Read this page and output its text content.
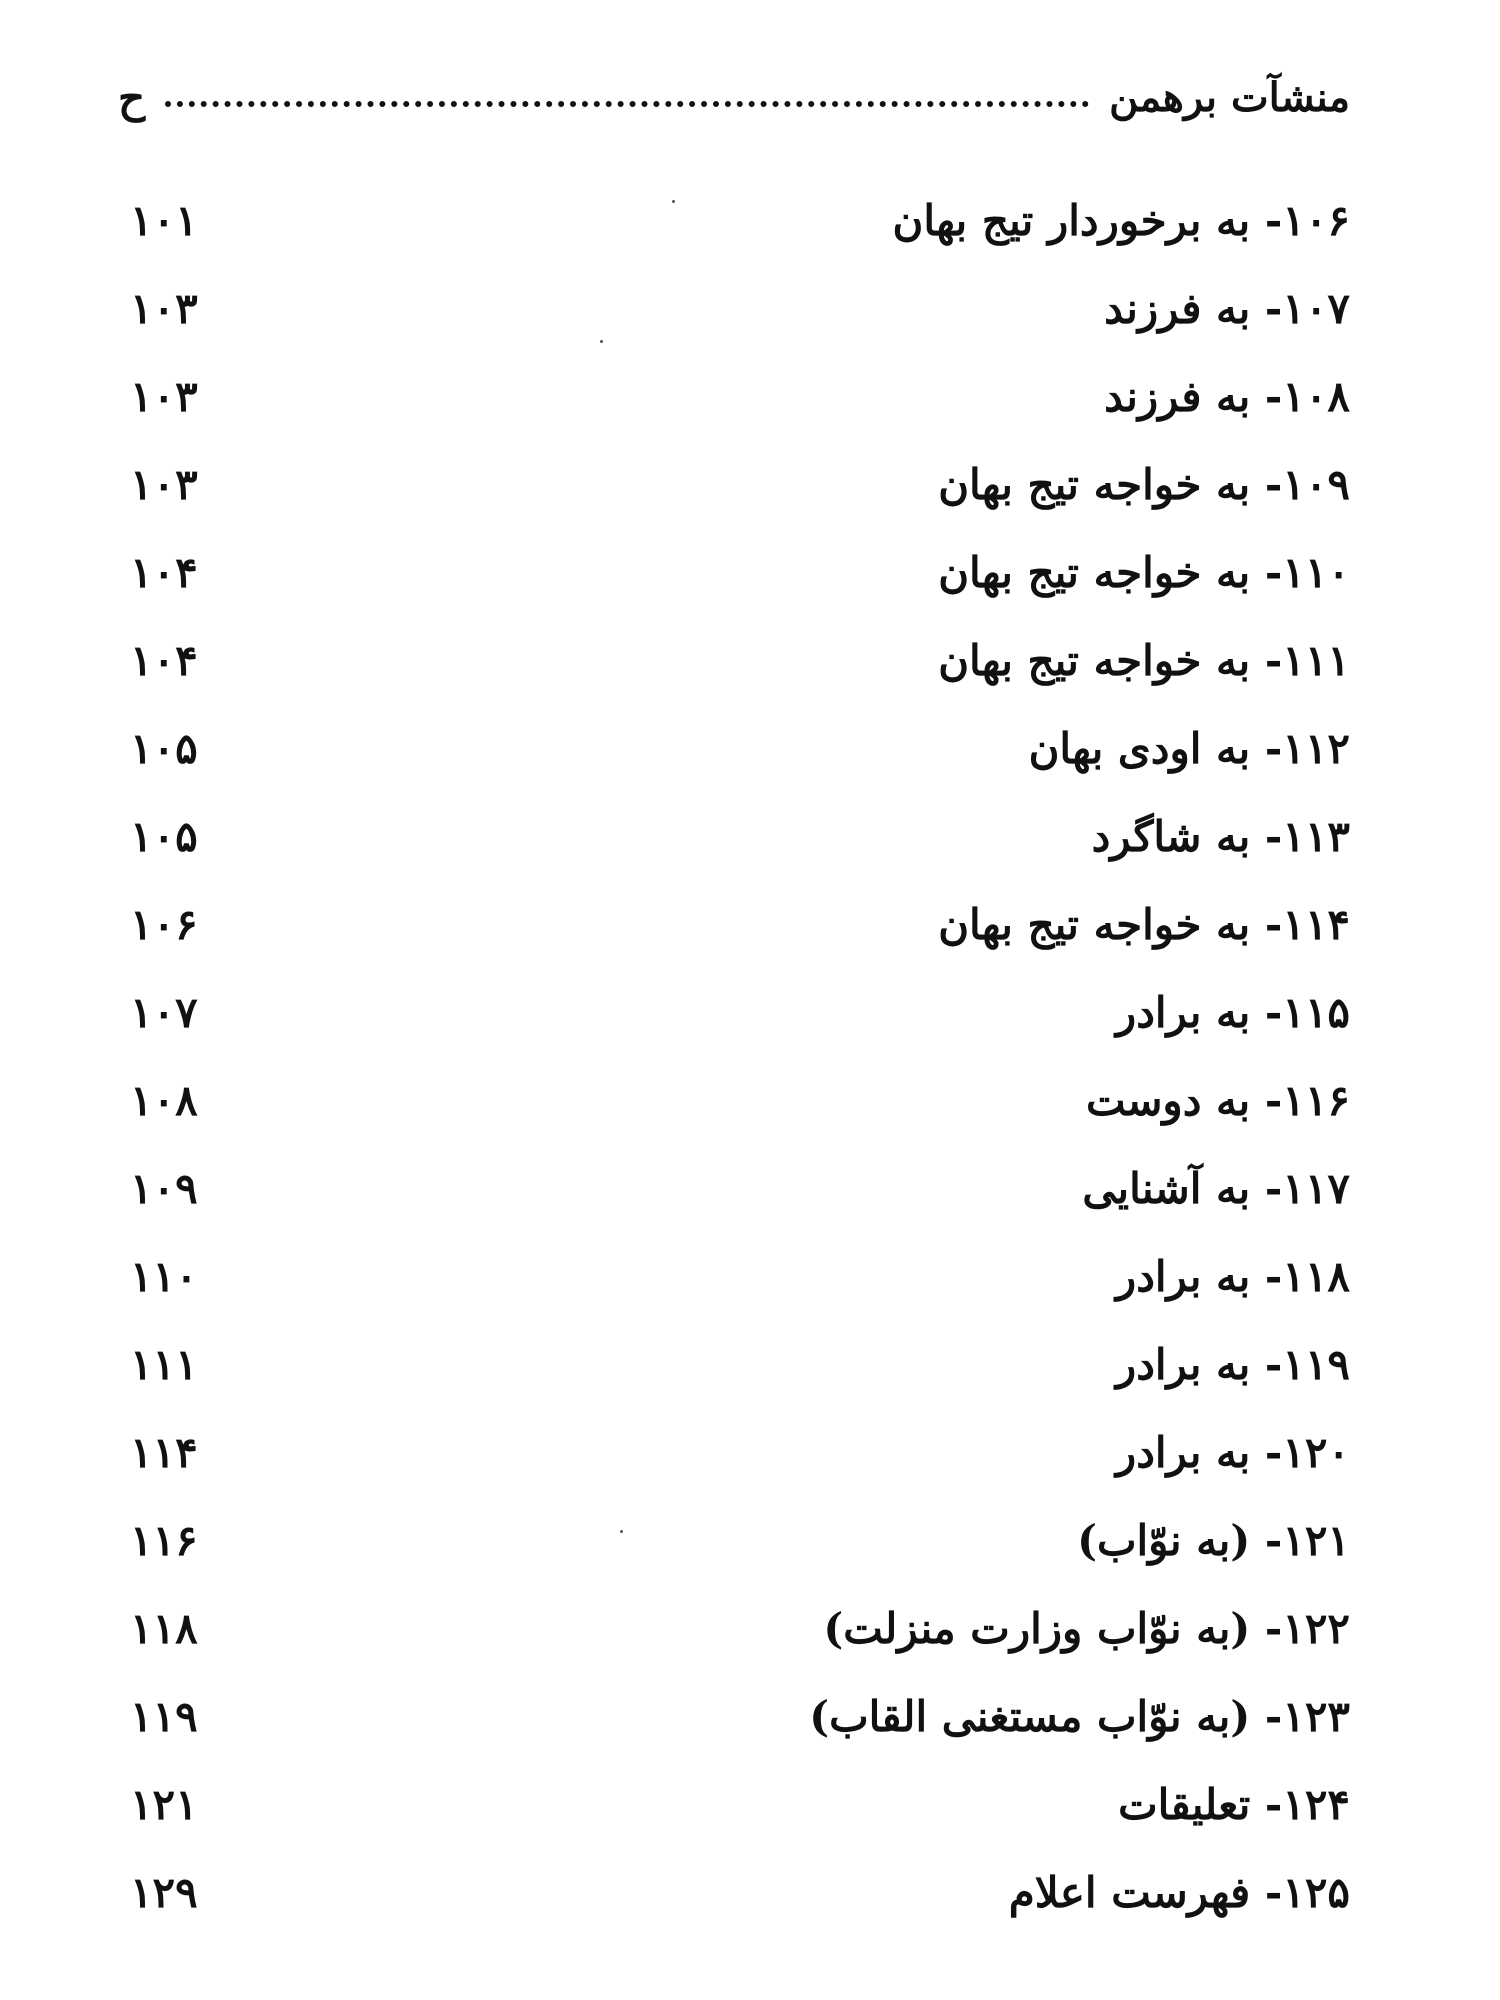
منشآت برهمن
ح
۱۰۶- به برخوردار تیج بهان
۱۰۱
۱۰۷- به فرزند
۱۰۳
۱۰۸- به فرزند
۱۰۳
۱۰۹- به خواجه تیج بهان
۱۰۳
۱۱۰- به خواجه تیج بهان
۱۰۴
۱۱۱- به خواجه تیج بهان
۱۰۴
۱۱۲- به اودی بهان
۱۰۵
۱۱۳- به شاگرد
۱۰۵
۱۱۴- به خواجه تیج بهان
۱۰۶
۱۱۵- به برادر
۱۰۷
۱۱۶- به دوست
۱۰۸
۱۱۷- به آشنایی
۱۰۹
۱۱۸- به برادر
۱۱۰
۱۱۹- به برادر
۱۱۱
۱۲۰- به برادر
۱۱۴
۱۲۱- (به نوّاب)
۱۱۶
۱۲۲- (به نوّاب وزارت منزلت)
۱۱۸
۱۲۳- (به نوّاب مستغنی القاب)
۱۱۹
۱۲۴- تعلیقات
۱۲۱
۱۲۵- فهرست اعلام
۱۲۹
